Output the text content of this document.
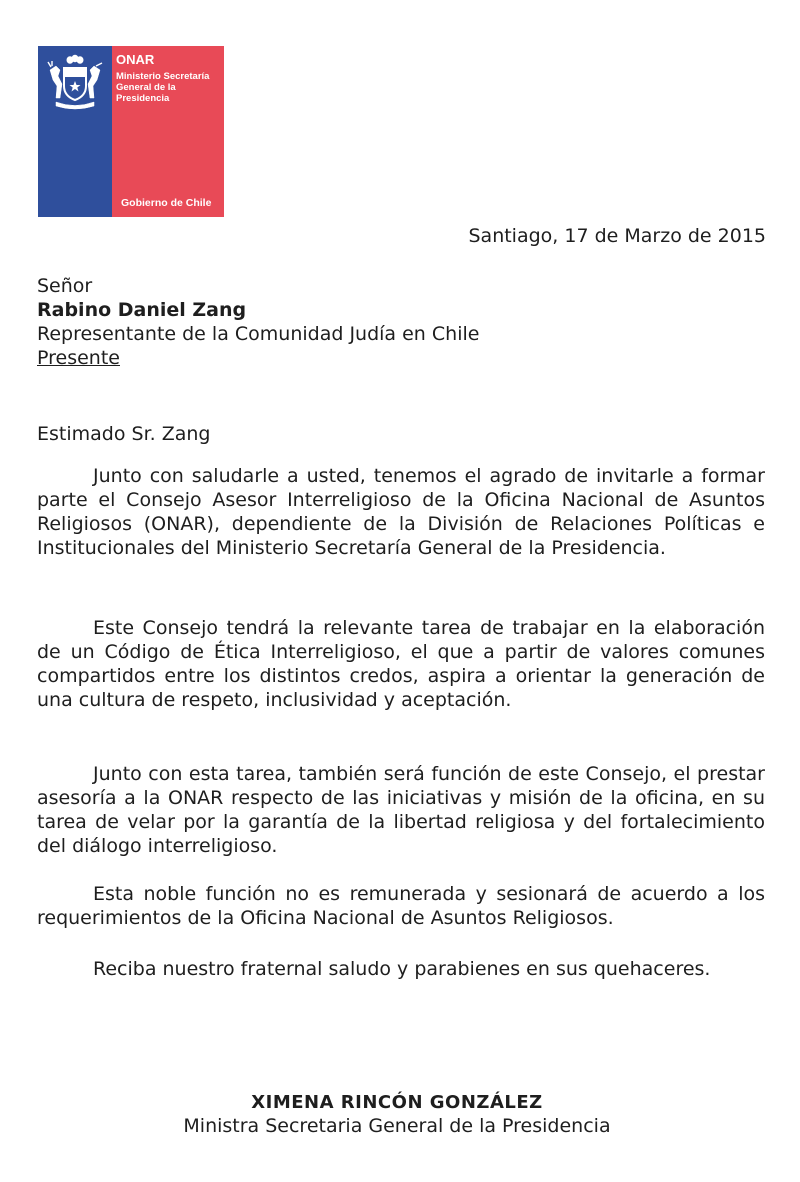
ONAR
Ministerio Secretaría General de la Presidencia
Gobierno de Chile
Santiago, 17 de Marzo de 2015
Señor
Rabino Daniel Zang
Representante de la Comunidad Judía en Chile
Presente
Estimado Sr. Zang

Junto con saludarle a usted, tenemos el agrado de invitarle a formar parte el Consejo Asesor Interreligioso de la Oficina Nacional de Asuntos Religiosos (ONAR), dependiente de la División de Relaciones Políticas e Institucionales del Ministerio Secretaría General de la Presidencia.

Este Consejo tendrá la relevante tarea de trabajar en la elaboración de un Código de Ética Interreligioso, el que a partir de valores comunes compartidos entre los distintos credos, aspira a orientar la generación de una cultura de respeto, inclusividad y aceptación.

Junto con esta tarea, también será función de este Consejo, el prestar asesoría a la ONAR respecto de las iniciativas y misión de la oficina, en su tarea de velar por la garantía de la libertad religiosa y del fortalecimiento del diálogo interreligioso.

Esta noble función no es remunerada y sesionará de acuerdo a los requerimientos de la Oficina Nacional de Asuntos Religiosos.

Reciba nuestro fraternal saludo y parabienes en sus quehaceres.

XIMENA RINCÓN GONZÁLEZ
Ministra Secretaria General de la Presidencia
